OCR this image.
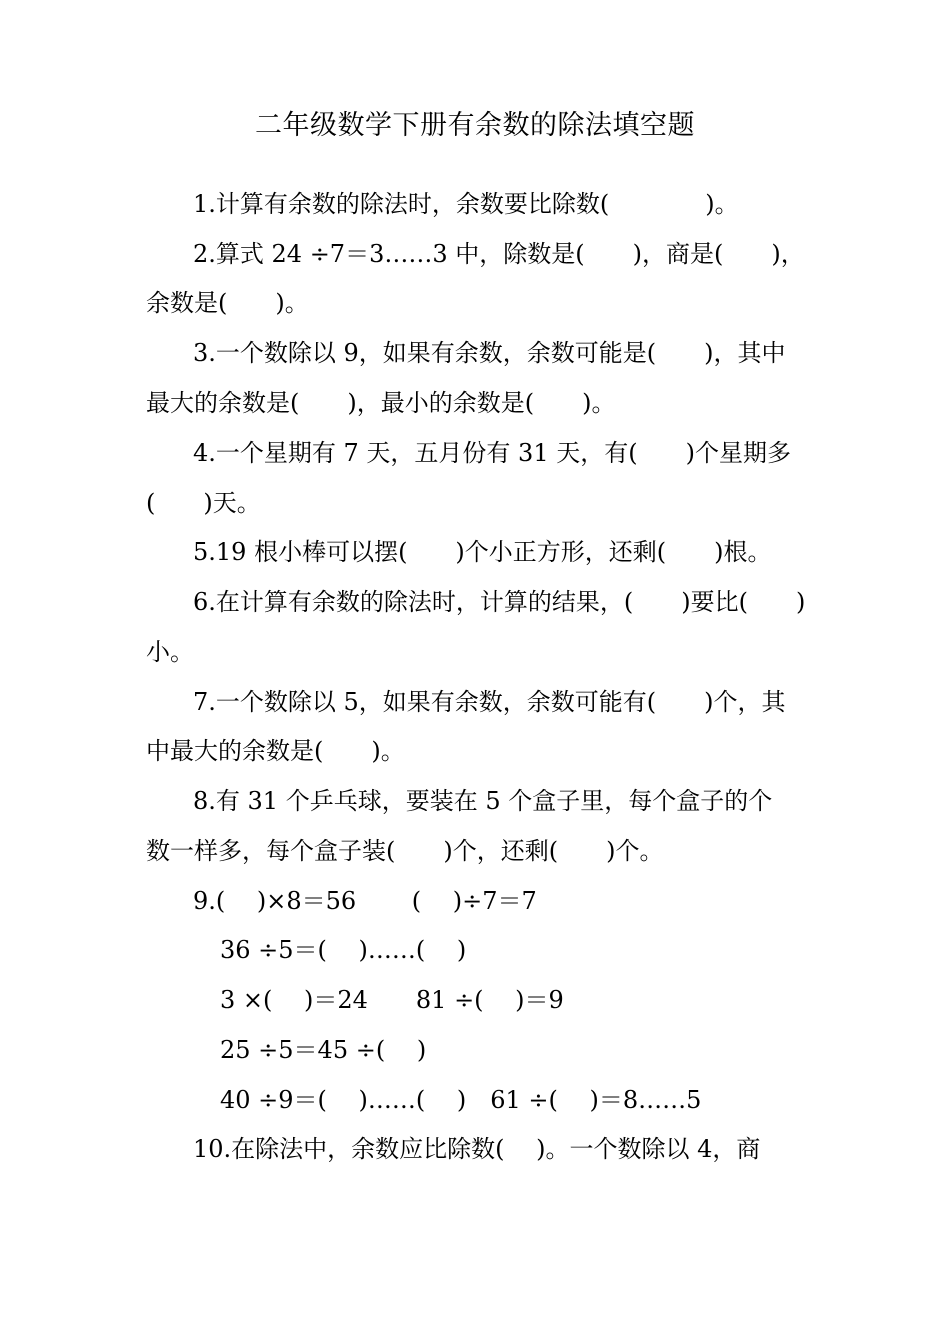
二年级数学下册有余数的除法填空题
1.计算有余数的除法时，余数要比除数(　　　　)。
2.算式 24 ÷7＝3……3 中，除数是(　　)，商是(　　)，
余数是(　　)。
3.一个数除以 9，如果有余数，余数可能是(　　)，其中
最大的余数是(　　)，最小的余数是(　　)。
4.一个星期有 7 天，五月份有 31 天，有(　　)个星期多
(　　)天。
5.19 根小棒可以摆(　　)个小正方形，还剩(　　)根。
6.在计算有余数的除法时，计算的结果，(　　)要比(　　)
小。
7.一个数除以 5，如果有余数，余数可能有(　　)个，其
中最大的余数是(　　)。
8.有 31 个乒乓球，要装在 5 个盒子里，每个盒子的个
数一样多，每个盒子装(　　)个，还剩(　　)个。
9.(　 )×8＝56　　 (　 )÷7＝7
36 ÷5＝(　 )……(　 )
3 ×(　 )＝24　　81 ÷(　 )＝9
25 ÷5＝45 ÷(　 )
40 ÷9＝(　 )……(　 )　61 ÷(　 )＝8……5
10.在除法中，余数应比除数(　 )。一个数除以 4，商
